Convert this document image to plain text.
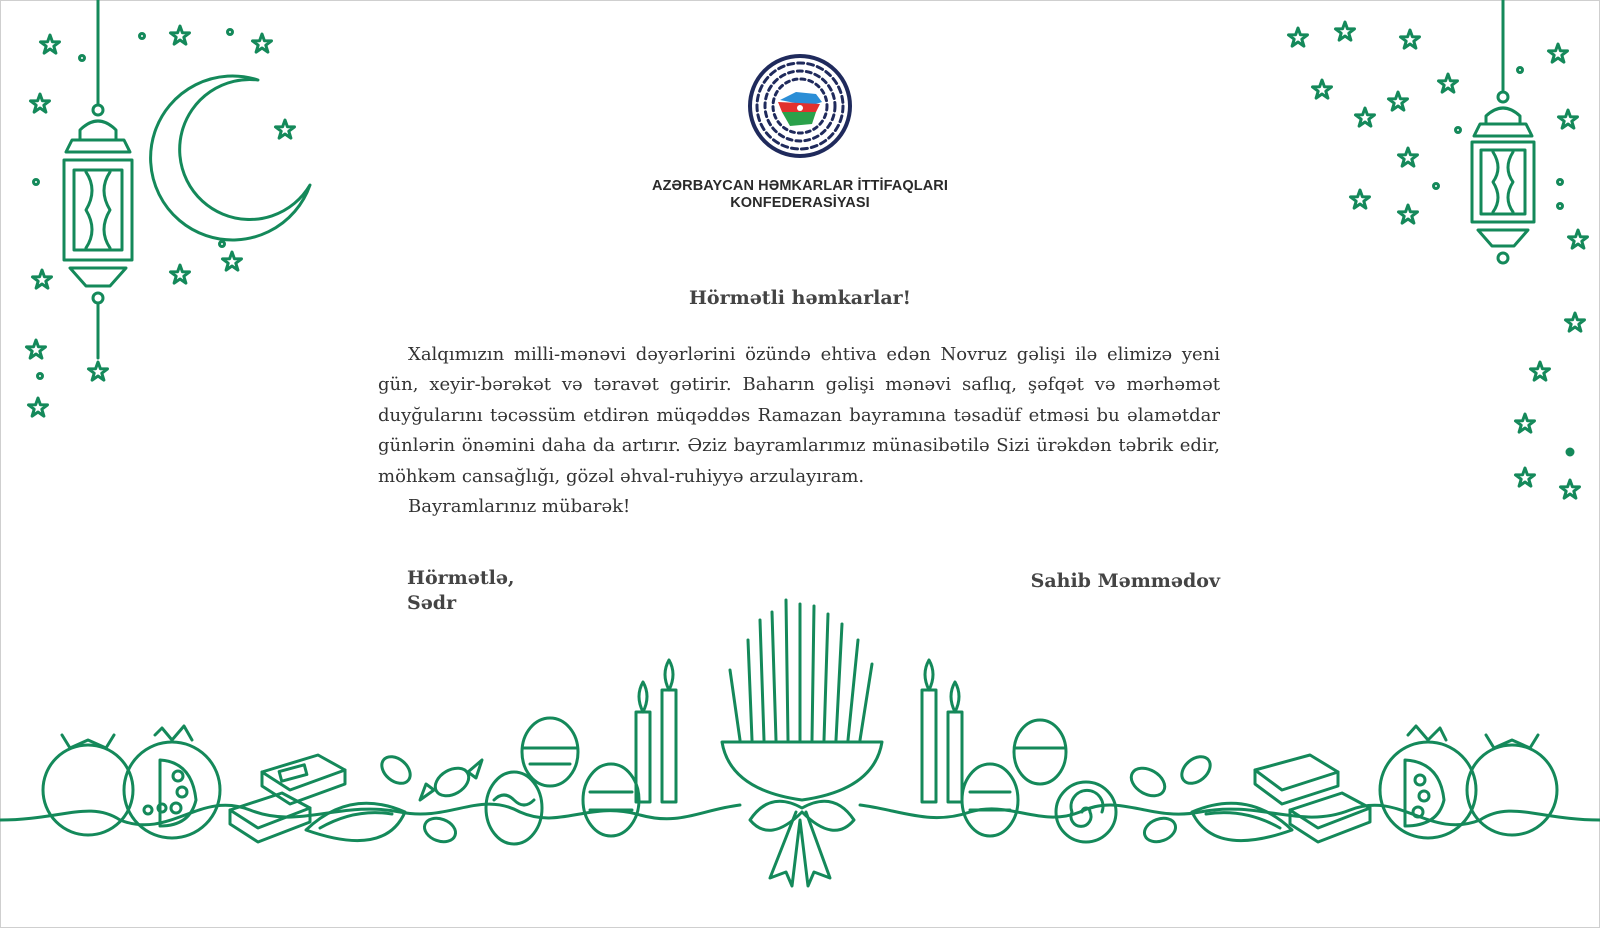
AZƏRBAYCAN HƏMKARLAR İTTİFAQLARI
KONFEDERASİYASI
Hörmətli həmkarlar!

Xalqımızın milli-mənəvi dəyərlərini özündə ehtiva edən Novruz gəlişi ilə elimizə yeni gün, xeyir-bərəkət və təravət gətirir. Baharın gəlişi mənəvi saflıq, şəfqət və mərhəmət duyğularını təcəssüm etdirən müqəddəs Ramazan bayramına təsadüf etməsi bu əlamətdar günlərin önəmini daha da artırır. Əziz bayramlarımız münasibətilə Sizi ürəkdən təbrik edir, möhkəm cansağlığı, gözəl əhval-ruhiyyə arzulayıram.

Bayramlarınız mübarək!

Hörmətlə,
Sədr
Sahib Məmmədov
